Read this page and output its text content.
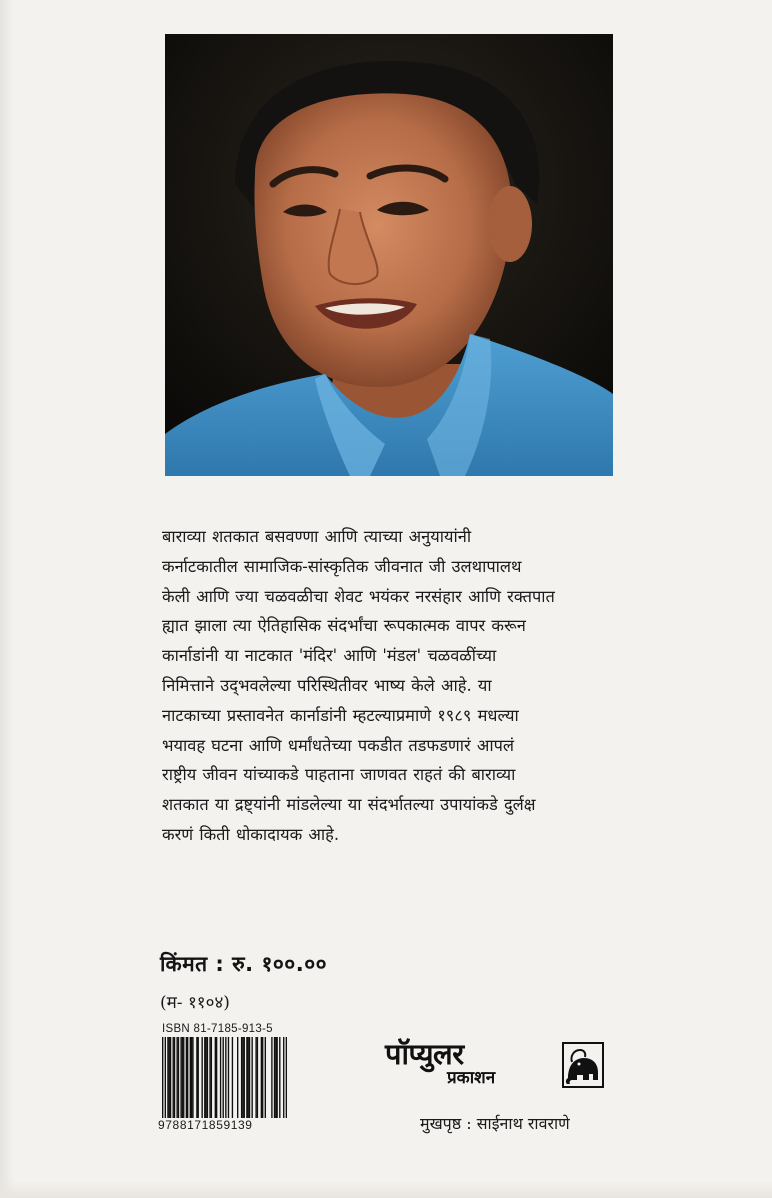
बाराव्या शतकात बसवण्णा आणि त्याच्या अनुयायांनी
कर्नाटकातील सामाजिक-सांस्कृतिक जीवनात जी उलथापालथ
केली आणि ज्या चळवळीचा शेवट भयंकर नरसंहार आणि रक्तपात
ह्यात झाला त्या ऐतिहासिक संदर्भांचा रूपकात्मक वापर करून
कार्नाडांनी या नाटकात 'मंदिर' आणि 'मंडल' चळवळींच्या
निमित्ताने उद्‌भवलेल्या परिस्थितीवर भाष्य केले आहे. या
नाटकाच्या प्रस्तावनेत कार्नाडांनी म्हटल्याप्रमाणे १९८९ मधल्या
भयावह घटना आणि धर्मांधतेच्या पकडीत तडफडणारं आपलं
राष्ट्रीय जीवन यांच्याकडे पाहताना जाणवत राहतं की बाराव्या
शतकात या द्रष्ट्यांनी मांडलेल्या या संदर्भातल्या उपायांकडे दुर्लक्ष
करणं किती धोकादायक आहे.
किंमत : रु. १००.००
(म- ११०४)
ISBN 81-7185-913-5
9788171859139
पॉप्युलर
प्रकाशन
मुखपृष्ठ : साईनाथ रावराणे
